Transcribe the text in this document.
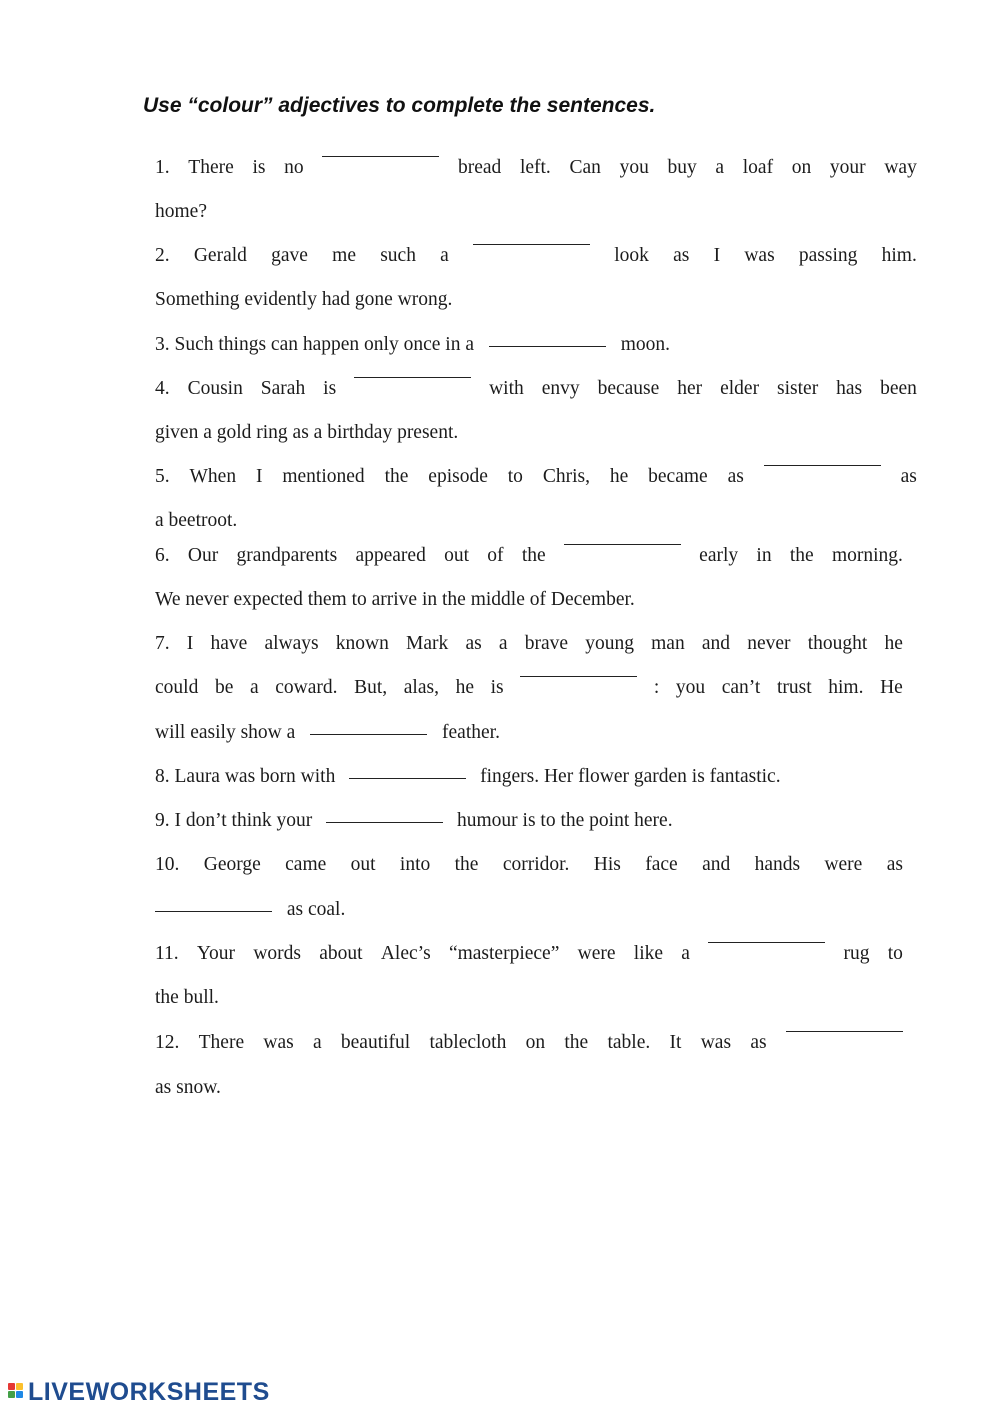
Use “colour” adjectives to complete the sentences.
1. There is no	bread left. Can you buy a loaf on your way
home?
2. Gerald gave me such a	look as I was passing him.
Something evidently had gone wrong.
3. Such things can happen only once in a	moon.
4. Cousin Sarah is	with envy because her elder sister has been
given a gold ring as a birthday present.
5. When I mentioned the episode to Chris, he became as	as
a beetroot.
6. Our grandparents appeared out of the	early in the morning.
We never expected them to arrive in the middle of December.
7. I have always known Mark as a brave young man and never thought he
could be a coward. But, alas, he is	: you can’t trust him. He
will easily show a	feather.
8. Laura was born with	fingers. Her flower garden is fantastic.
9. I don’t think your	humour is to the point here.
10. George came out into the corridor. His face and hands were as
as coal.
11. Your words about Alec’s “masterpiece” were like a	rug to
the bull.
12. There was a beautiful tablecloth on the table. It was as
as snow.
LIVEWORKSHEETS
